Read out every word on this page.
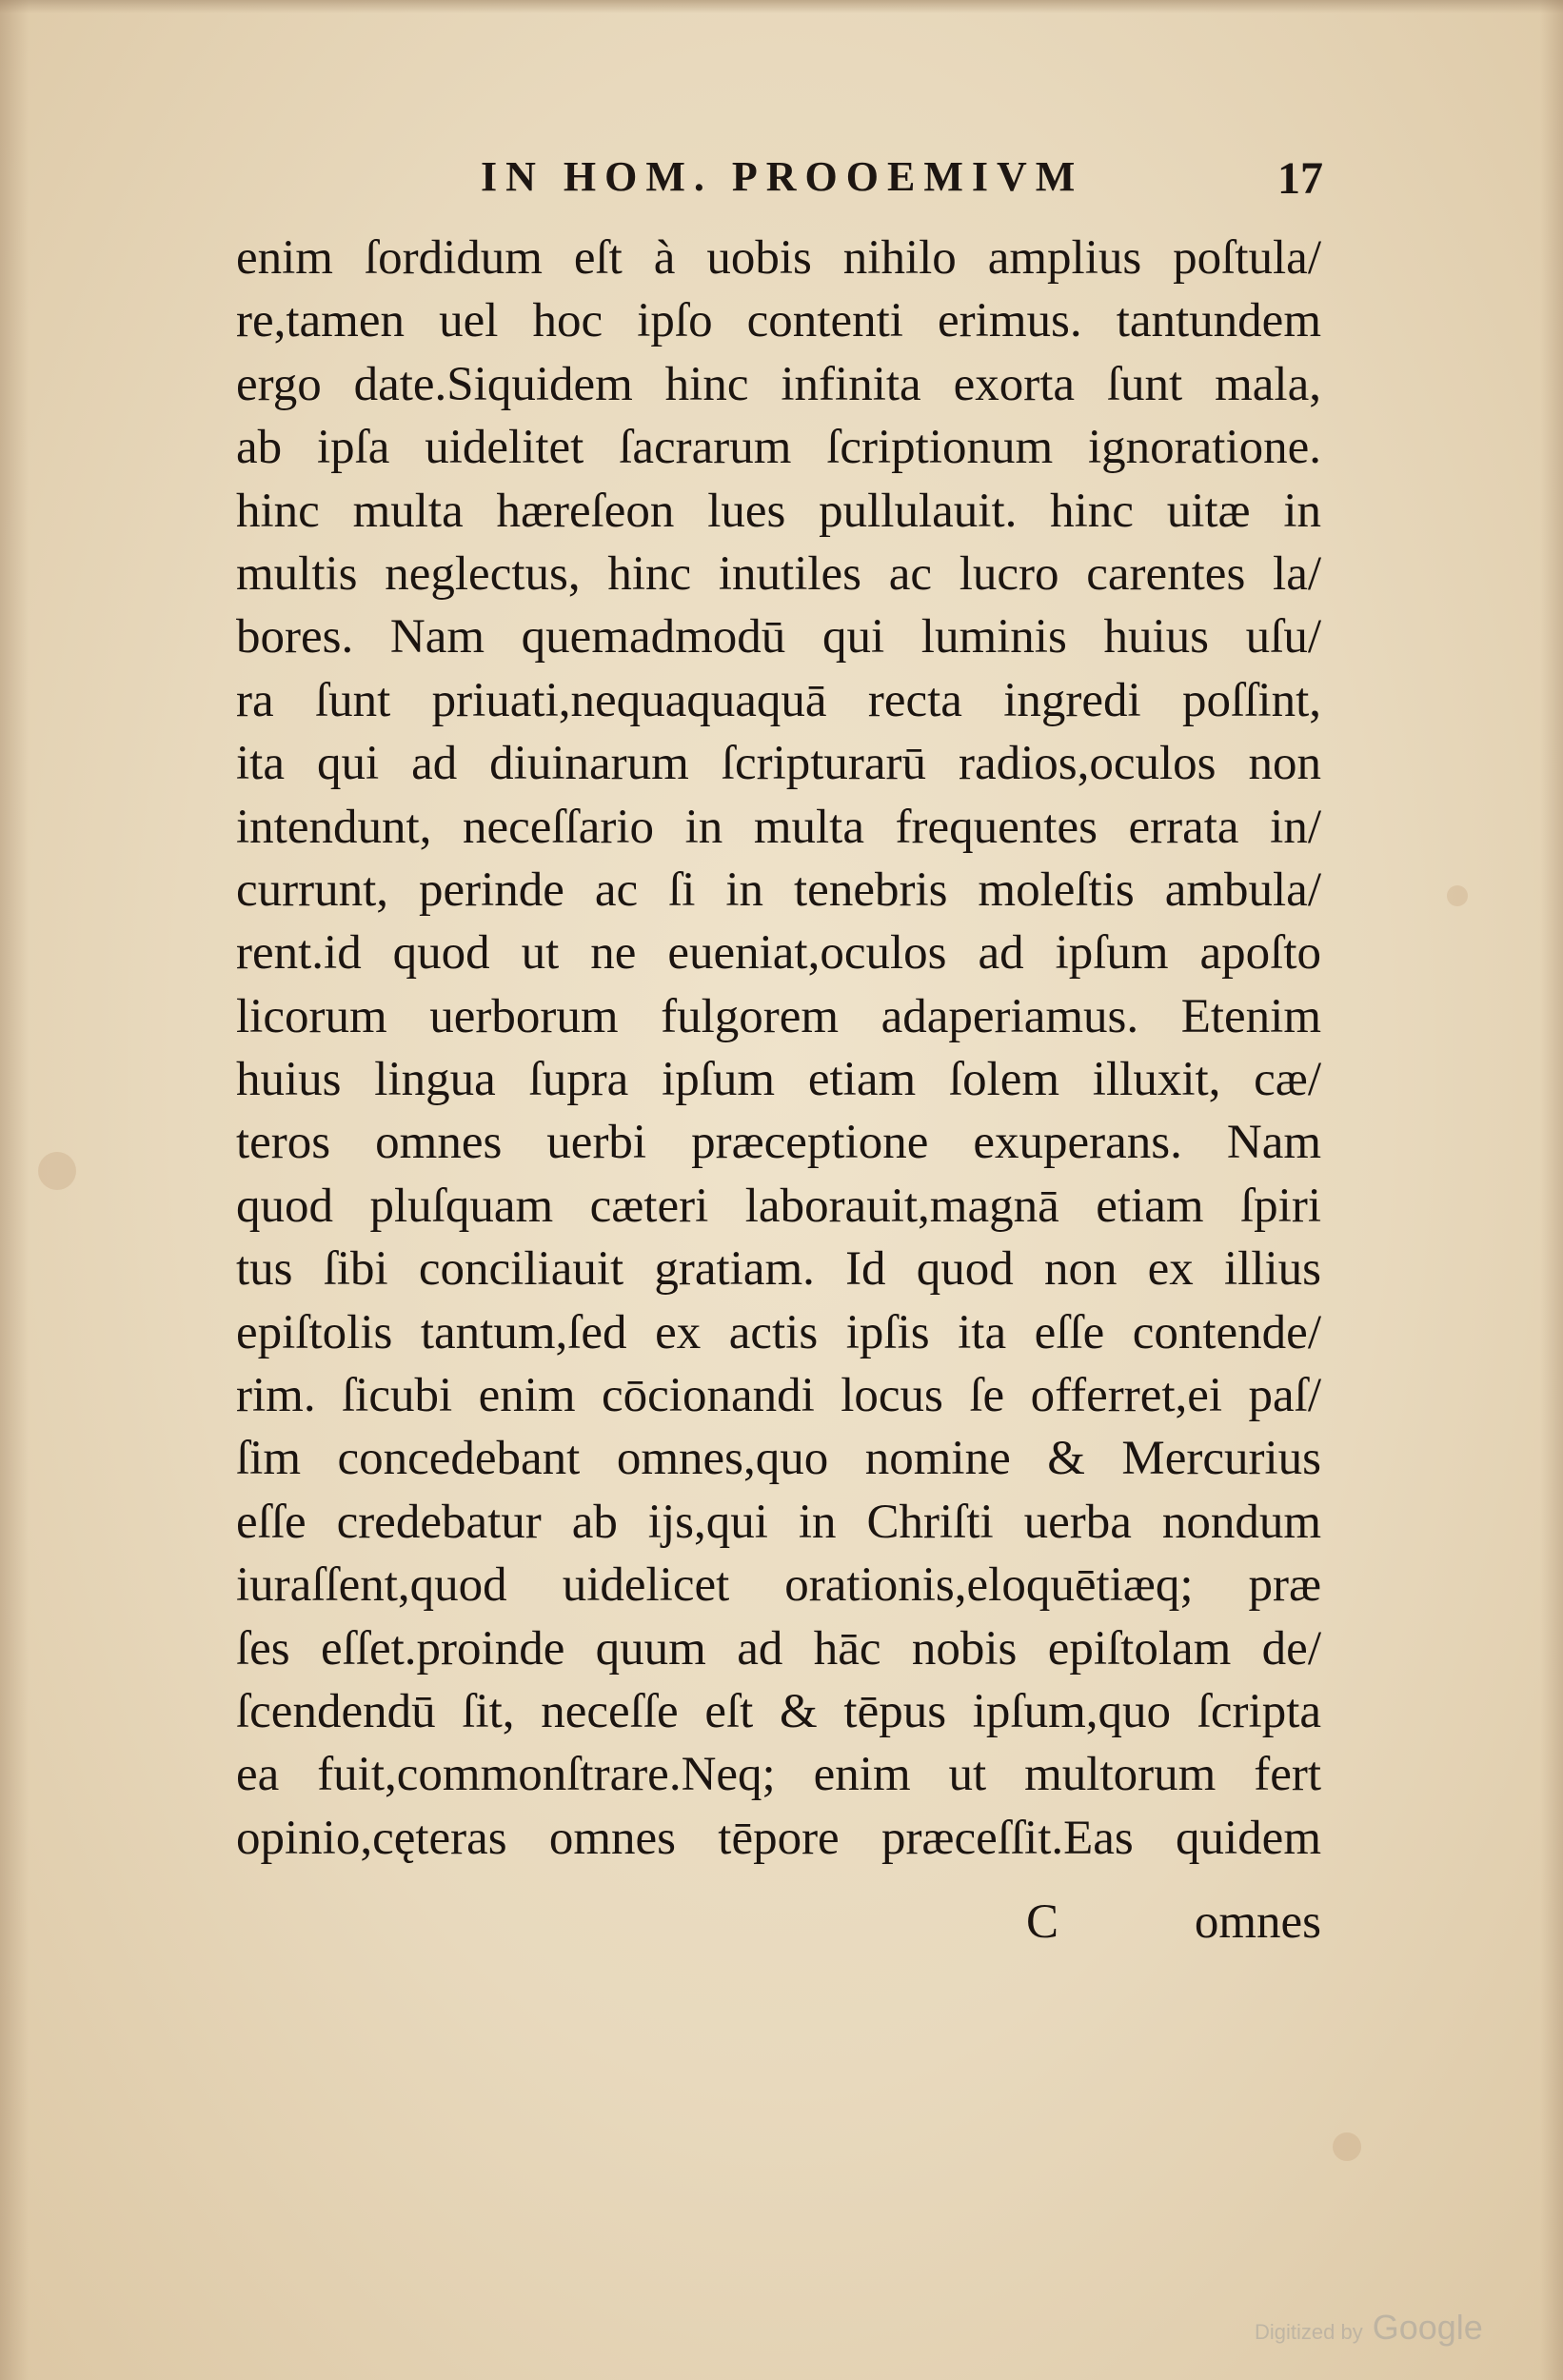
IN HOM. PROOEMIVM	17
enim ſordidum eſt à uobis nihilo amplius poſtula/
re,tamen uel hoc ipſo contenti erimus. tantundem
ergo date.Siquidem hinc infinita exorta ſunt mala,
ab ipſa uidelitet ſacrarum ſcriptionum ignoratione.
hinc multa hæreſeon lues pullulauit. hinc uitæ in
multis neglectus, hinc inutiles ac lucro carentes la/
bores. Nam quemadmodū qui luminis huius uſu/
ra ſunt priuati,nequaquaquā recta ingredi poſſint,
ita qui ad diuinarum ſcripturarū radios,oculos non
intendunt, neceſſario in multa frequentes errata in/
currunt, perinde ac ſi in tenebris moleſtis ambula/
rent.id quod ut ne eueniat,oculos ad ipſum apoſto
licorum uerborum fulgorem adaperiamus. Etenim
huius lingua ſupra ipſum etiam ſolem illuxit, cæ/
teros omnes uerbi præceptione exuperans. Nam
quod pluſquam cæteri laborauit,magnā etiam ſpiri
tus ſibi conciliauit gratiam. Id quod non ex illius
epiſtolis tantum,ſed ex actis ipſis ita eſſe contende/
rim. ſicubi enim cōcionandi locus ſe offerret,ei paſ/
ſim concedebant omnes,quo nomine & Mercurius
eſſe credebatur ab ijs,qui in Chriſti uerba nondum
iuraſſent,quod uidelicet orationis,eloquētiæq; præ
ſes eſſet.proinde quum ad hāc nobis epiſtolam de/
ſcendendū ſit, neceſſe eſt & tēpus ipſum,quo ſcripta
ea fuit,commonſtrare.Neq; enim ut multorum fert
opinio,cęteras omnes tēpore præceſſit.Eas quidem
C	omnes
Digitized by Google
